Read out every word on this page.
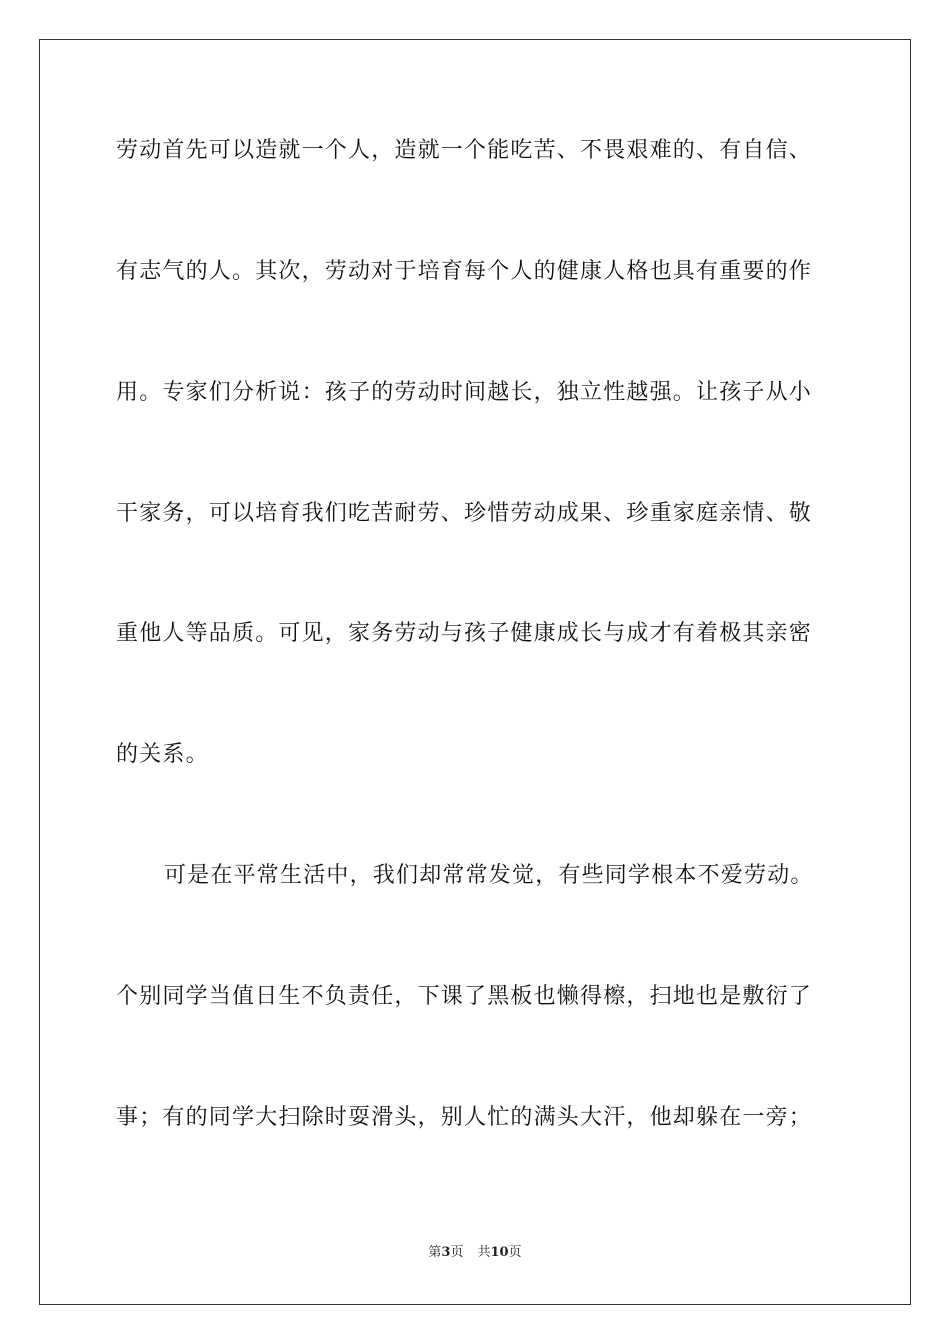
劳动首先可以造就一个人，造就一个能吃苦、不畏艰难的、有自信、
有志气的人。其次，劳动对于培育每个人的健康人格也具有重要的作
用。专家们分析说：孩子的劳动时间越长，独立性越强。让孩子从小
干家务，可以培育我们吃苦耐劳、珍惜劳动成果、珍重家庭亲情、敬
重他人等品质。可见，家务劳动与孩子健康成长与成才有着极其亲密
的关系。
可是在平常生活中，我们却常常发觉，有些同学根本不爱劳动。
个别同学当值日生不负责任，下课了黑板也懒得檫，扫地也是敷衍了
事；有的同学大扫除时耍滑头，别人忙的满头大汗，他却躲在一旁；
第3页 共10页
